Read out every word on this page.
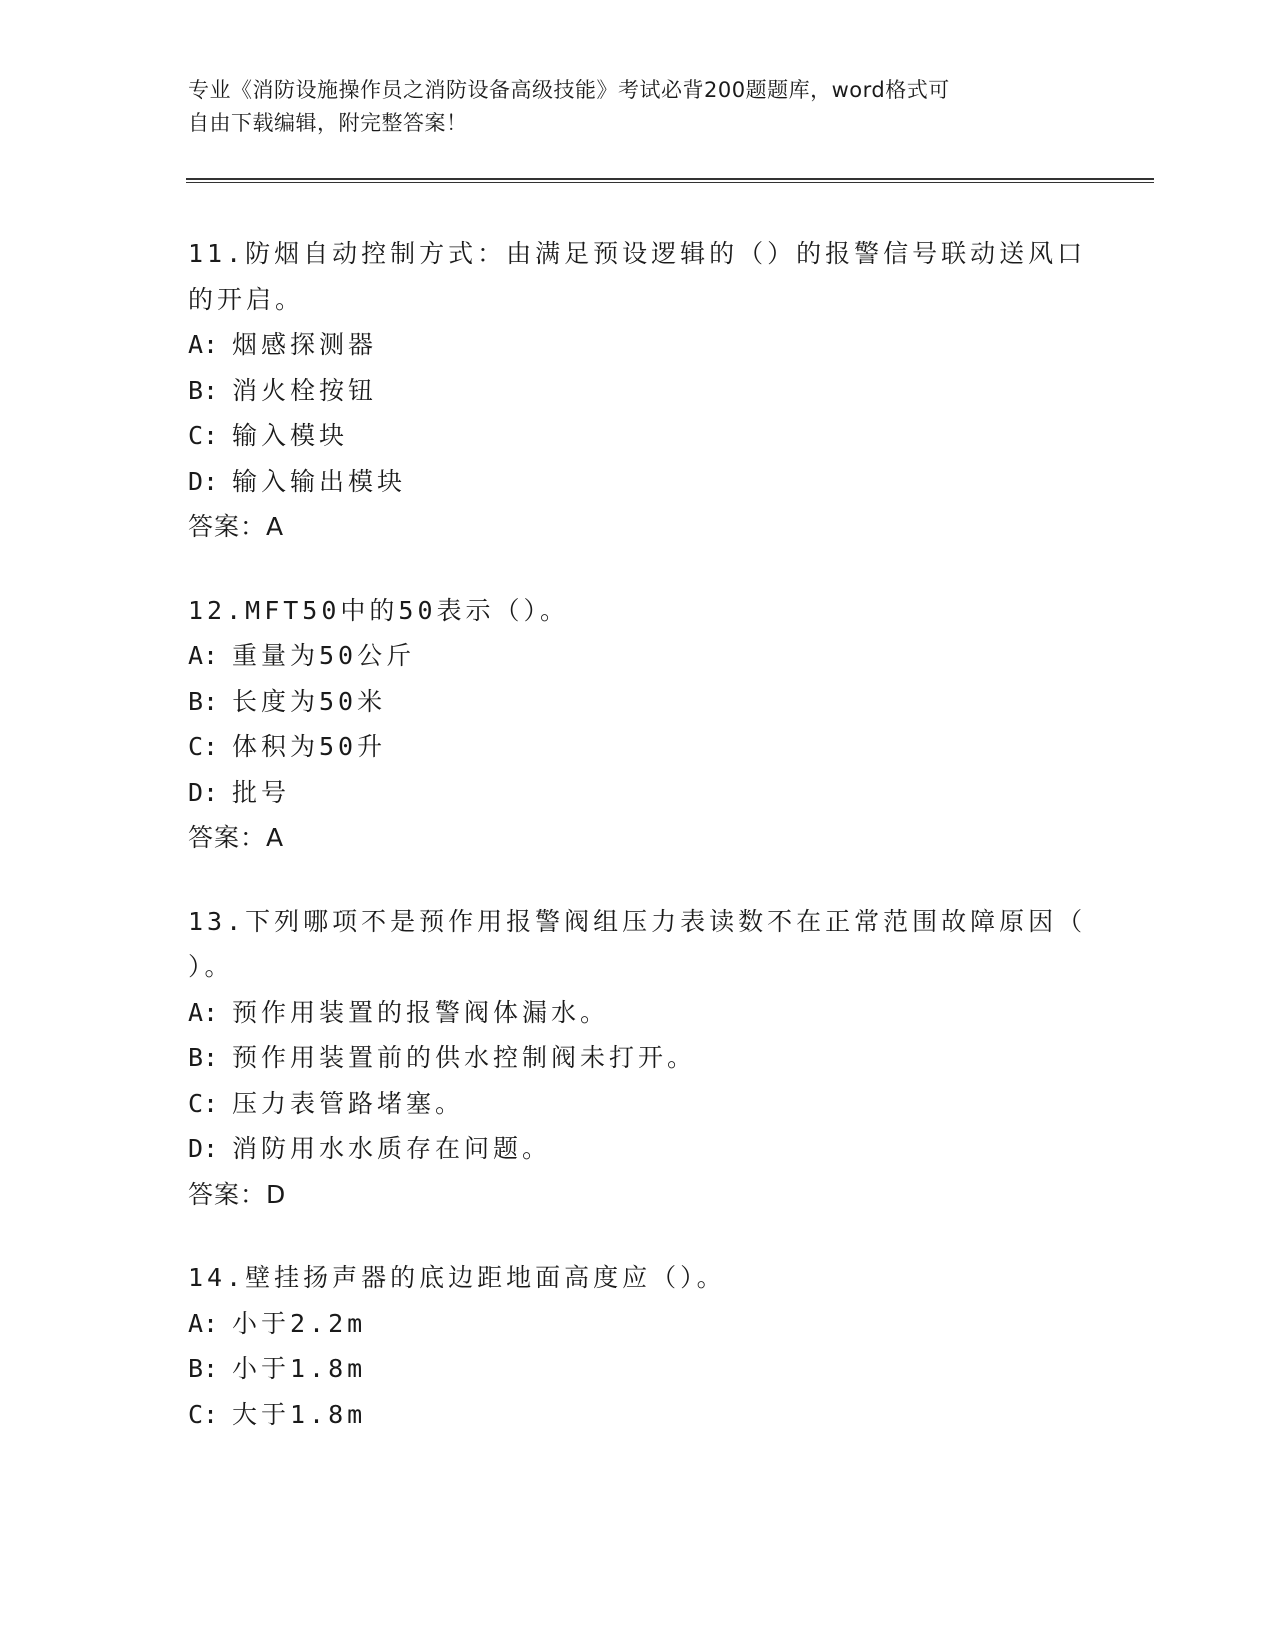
专业《消防设施操作员之消防设备高级技能》考试必背200题题库，word格式可
自由下载编辑，附完整答案！
11.防烟自动控制方式：由满足预设逻辑的（）的报警信号联动送风口
的开启。
A: 烟感探测器
B: 消火栓按钮
C: 输入模块
D: 输入输出模块
答案：A
12.MFT50中的50表示（）。
A: 重量为50公斤
B: 长度为50米
C: 体积为50升
D: 批号
答案：A
13.下列哪项不是预作用报警阀组压力表读数不在正常范围故障原因（
）。
A: 预作用装置的报警阀体漏水。
B: 预作用装置前的供水控制阀未打开。
C: 压力表管路堵塞。
D: 消防用水水质存在问题。
答案：D
14.壁挂扬声器的底边距地面高度应（）。
A: 小于2.2m
B: 小于1.8m
C: 大于1.8m
